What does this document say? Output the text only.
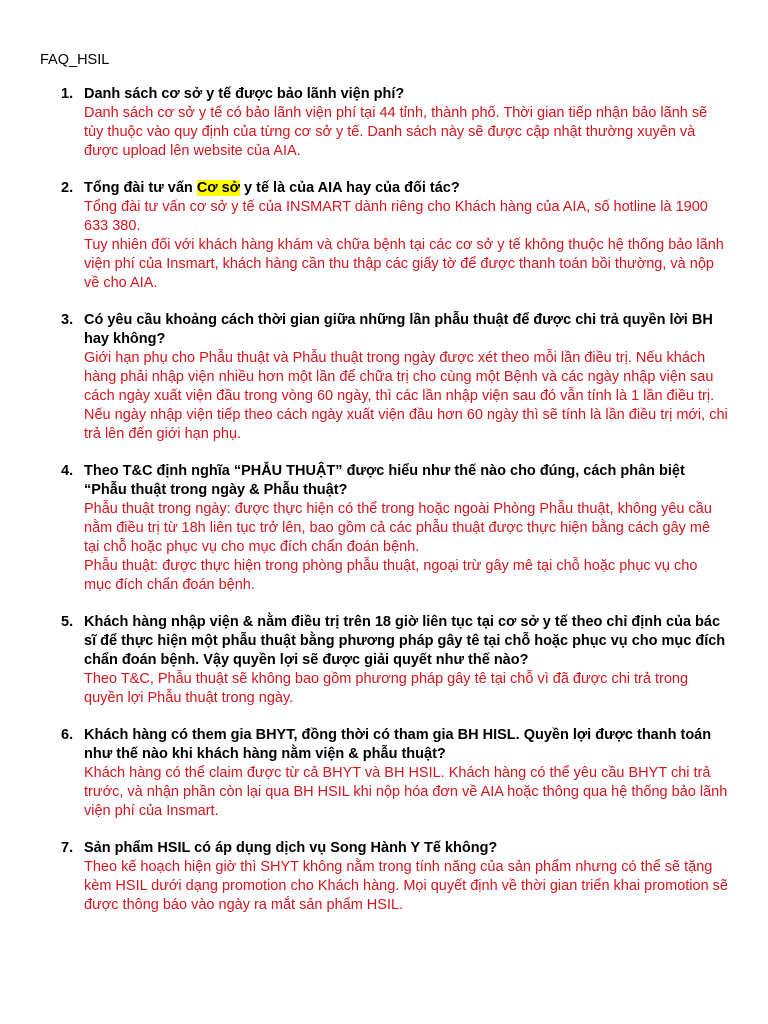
FAQ_HSIL
1. Danh sách cơ sở y tế được bảo lãnh viện phí?
Danh sách cơ sở y tế có bảo lãnh viện phí tại 44 tỉnh, thành phố. Thời gian tiếp nhận bảo lãnh sẽ tùy thuộc vào quy định của từng cơ sở y tế. Danh sách này sẽ được cập nhật thường xuyên và được upload lên website của AIA.
2. Tổng đài tư vấn Cơ sở y tế là của AIA hay của đối tác?
Tổng đài tư vấn cơ sở y tế của INSMART dành riêng cho Khách hàng của AIA, số hotline là 1900 633 380.
Tuy nhiên đối với khách hàng khám và chữa bệnh tại các cơ sở y tế không thuộc hệ thống bảo lãnh viện phí của Insmart, khách hàng cần thu thập các giấy tờ để được thanh toán bồi thường, và nộp về cho AIA.
3. Có yêu cầu khoảng cách thời gian giữa những lần phẫu thuật để được chi trả quyền lời BH hay không?
Giới hạn phụ cho Phẫu thuật và Phẫu thuật trong ngày được xét theo mỗi lần điều trị. Nếu khách hàng phải nhập viện nhiều hơn một lần để chữa trị cho cùng một Bệnh và các ngày nhập viện sau cách ngày xuất viện đầu trong vòng 60 ngày, thì các lần nhập viện sau đó vẫn tính là 1 lần điều trị.
Nếu ngày nhập viện tiếp theo cách ngày xuất viện đầu hơn 60 ngày thì sẽ tính là lần điều trị mới, chi trả lên đến giới hạn phụ.
4. Theo T&C định nghĩa “PHẪU THUẬT” được hiểu như thế nào cho đúng, cách phân biệt “Phẫu thuật trong ngày & Phẫu thuật?
Phẫu thuật trong ngày: được thực hiện có thể trong hoặc ngoài Phòng Phẫu thuật, không yêu cầu nằm điều trị từ 18h liên tục trở lên, bao gồm cả các phẫu thuật được thực hiện bằng cách gây mê tại chỗ hoặc phục vụ cho mục đích chẩn đoán bệnh.
Phẫu thuật: được thực hiện trong phòng phẫu thuật, ngoại trừ gây mê tại chỗ hoặc phục vụ cho mục đích chẩn đoán bệnh.
5. Khách hàng nhập viện & nằm điều trị trên 18 giờ liên tục tại cơ sở y tế theo chỉ định của bác sĩ để thực hiện một phẫu thuật bằng phương pháp gây tê tại chỗ hoặc phục vụ cho mục đích chẩn đoán bệnh. Vậy quyền lợi sẽ được giải quyết như thế nào?
Theo T&C, Phẫu thuật sẽ không bao gồm phương pháp gây tê tại chỗ vì đã được chi trả trong quyền lợi Phẫu thuật trong ngày.
6. Khách hàng có them gia BHYT, đồng thời có tham gia BH HISL. Quyền lợi được thanh toán như thế nào khi khách hàng nằm viện & phẫu thuật?
Khách hàng có thể claim được từ cả BHYT và BH HSIL. Khách hàng có thể yêu cầu BHYT chi trả trước, và nhận phần còn lại qua BH HSIL khi nộp hóa đơn về AIA hoặc thông qua hệ thống bảo lãnh viện phí của Insmart.
7. Sản phẩm HSIL có áp dụng dịch vụ Song Hành Y Tế không?
Theo kế hoạch hiện giờ thì SHYT không nằm trong tính năng của sản phẩm nhưng có thể sẽ tặng kèm HSIL dưới dạng promotion cho Khách hàng. Mọi quyết định về thời gian triển khai promotion sẽ được thông báo vào ngày ra mắt sản phẩm HSIL.
